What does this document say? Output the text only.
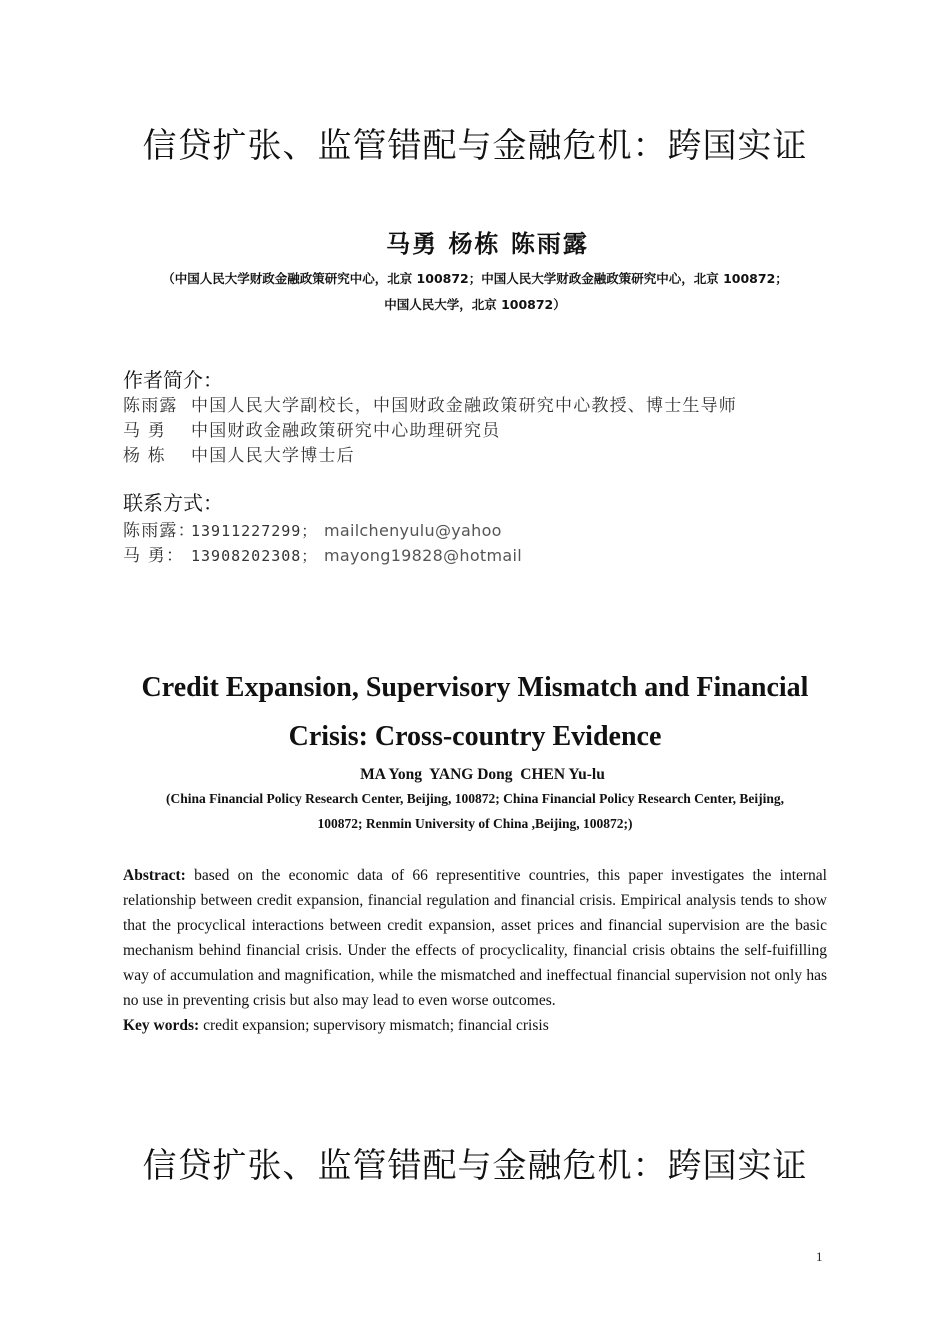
信贷扩张、监管错配与金融危机：跨国实证
马勇 杨栋 陈雨露
（中国人民大学财政金融政策研究中心，北京 100872；中国人民大学财政金融政策研究中心，北京 100872；
中国人民大学，北京 100872）
作者简介：
陈雨露 中国人民大学副校长，中国财政金融政策研究中心教授、博士生导师
马 勇 中国财政金融政策研究中心助理研究员
杨 栋 中国人民大学博士后
联系方式：
陈雨露：13911227299； mailchenyulu@yahoo
马 勇： 13908202308； mayong19828@hotmail
Credit Expansion, Supervisory Mismatch and Financial
Crisis: Cross-country Evidence
MA Yong  YANG Dong  CHEN Yu-lu
(China Financial Policy Research Center, Beijing, 100872; China Financial Policy Research Center, Beijing,
100872; Renmin University of China ,Beijing, 100872;)
Abstract: based on the economic data of 66 representitive countries, this paper investigates the internal relationship between credit expansion, financial regulation and financial crisis. Empirical analysis tends to show that the procyclical interactions between credit expansion, asset prices and financial supervision are the basic mechanism behind financial crisis. Under the effects of procyclicality, financial crisis obtains the self-fuifilling way of accumulation and magnification, while the mismatched and ineffectual financial supervision not only has no use in preventing crisis but also may lead to even worse outcomes.
Key words: credit expansion; supervisory mismatch; financial crisis
信贷扩张、监管错配与金融危机：跨国实证
1
